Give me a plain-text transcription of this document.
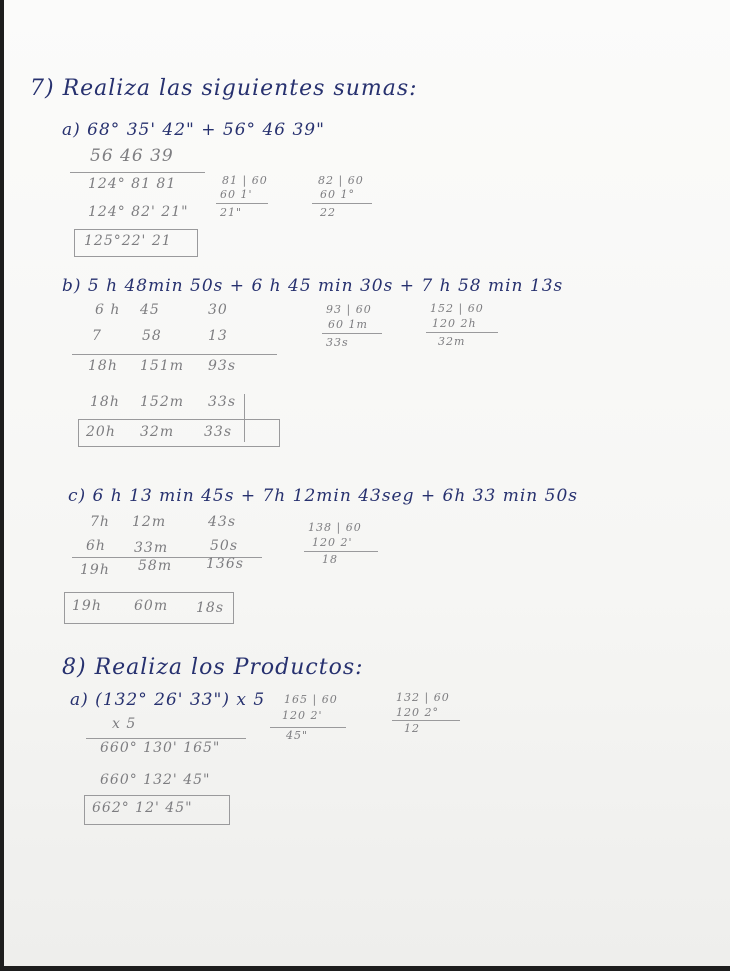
7) Realiza las siguientes sumas:
a) 68° 35' 42" + 56° 46 39"
56 46 39
124° 81 81
124° 82' 21"
125°22' 21
81 | 60
60 1'
21"
82 | 60
60 1°
22
b) 5 h 48min 50s + 6 h 45 min 30s + 7 h 58 min 13s
6 h 45	30
7	58	13
18h 151m 93s
18h 152m 33s
20h 32m 33s
93 | 60
60 1m
33s
152 | 60
120 2h
32m
c) 6 h 13 min 45s + 7h 12min 43seg + 6h 33 min 50s
7h 12m	43s
6h 33m	50s
19h 58m 136s
19h 60m 18s
138 | 60
120 2'
18
8) Realiza los Productos:
a) (132° 26' 33") x 5
x 5
660° 130' 165"
660° 132' 45"
662° 12' 45"
165 | 60
120 2'
45"
132 | 60
120 2°
12
